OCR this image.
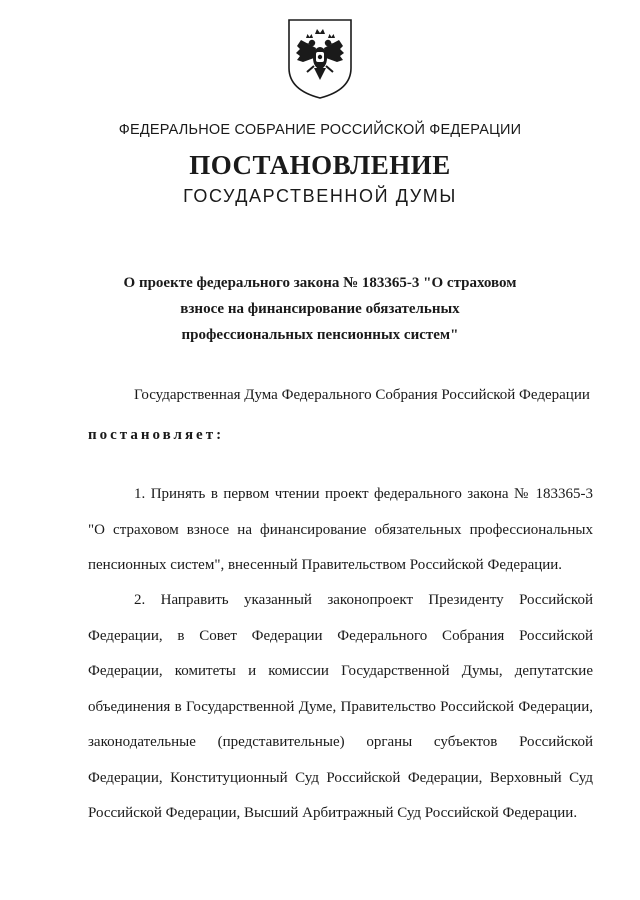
ФЕДЕРАЛЬНОЕ СОБРАНИЕ РОССИЙСКОЙ ФЕДЕРАЦИИ
ПОСТАНОВЛЕНИЕ
ГОСУДАРСТВЕННОЙ ДУМЫ
О проекте федерального закона № 183365-3 "О страховом
взносе на финансирование обязательных
профессиональных пенсионных систем"
Государственная Дума Федерального Собрания Российской Федерации
постановляет:
1. Принять в первом чтении проект федерального закона № 183365-3 "О страховом взносе на финансирование обязательных профессиональных пенсионных систем", внесенный Правительством Российской Федерации.
2. Направить указанный законопроект Президенту Российской Федерации, в Совет Федерации Федерального Собрания Российской Федерации, комитеты и комиссии Государственной Думы, депутатские объединения в Государственной Думе, Правительство Российской Федерации, законодательные (представительные) органы субъектов Российской Федерации, Конституционный Суд Российской Федерации, Верховный Суд Российской Федерации, Высший Арбитражный Суд Российской Федерации.
